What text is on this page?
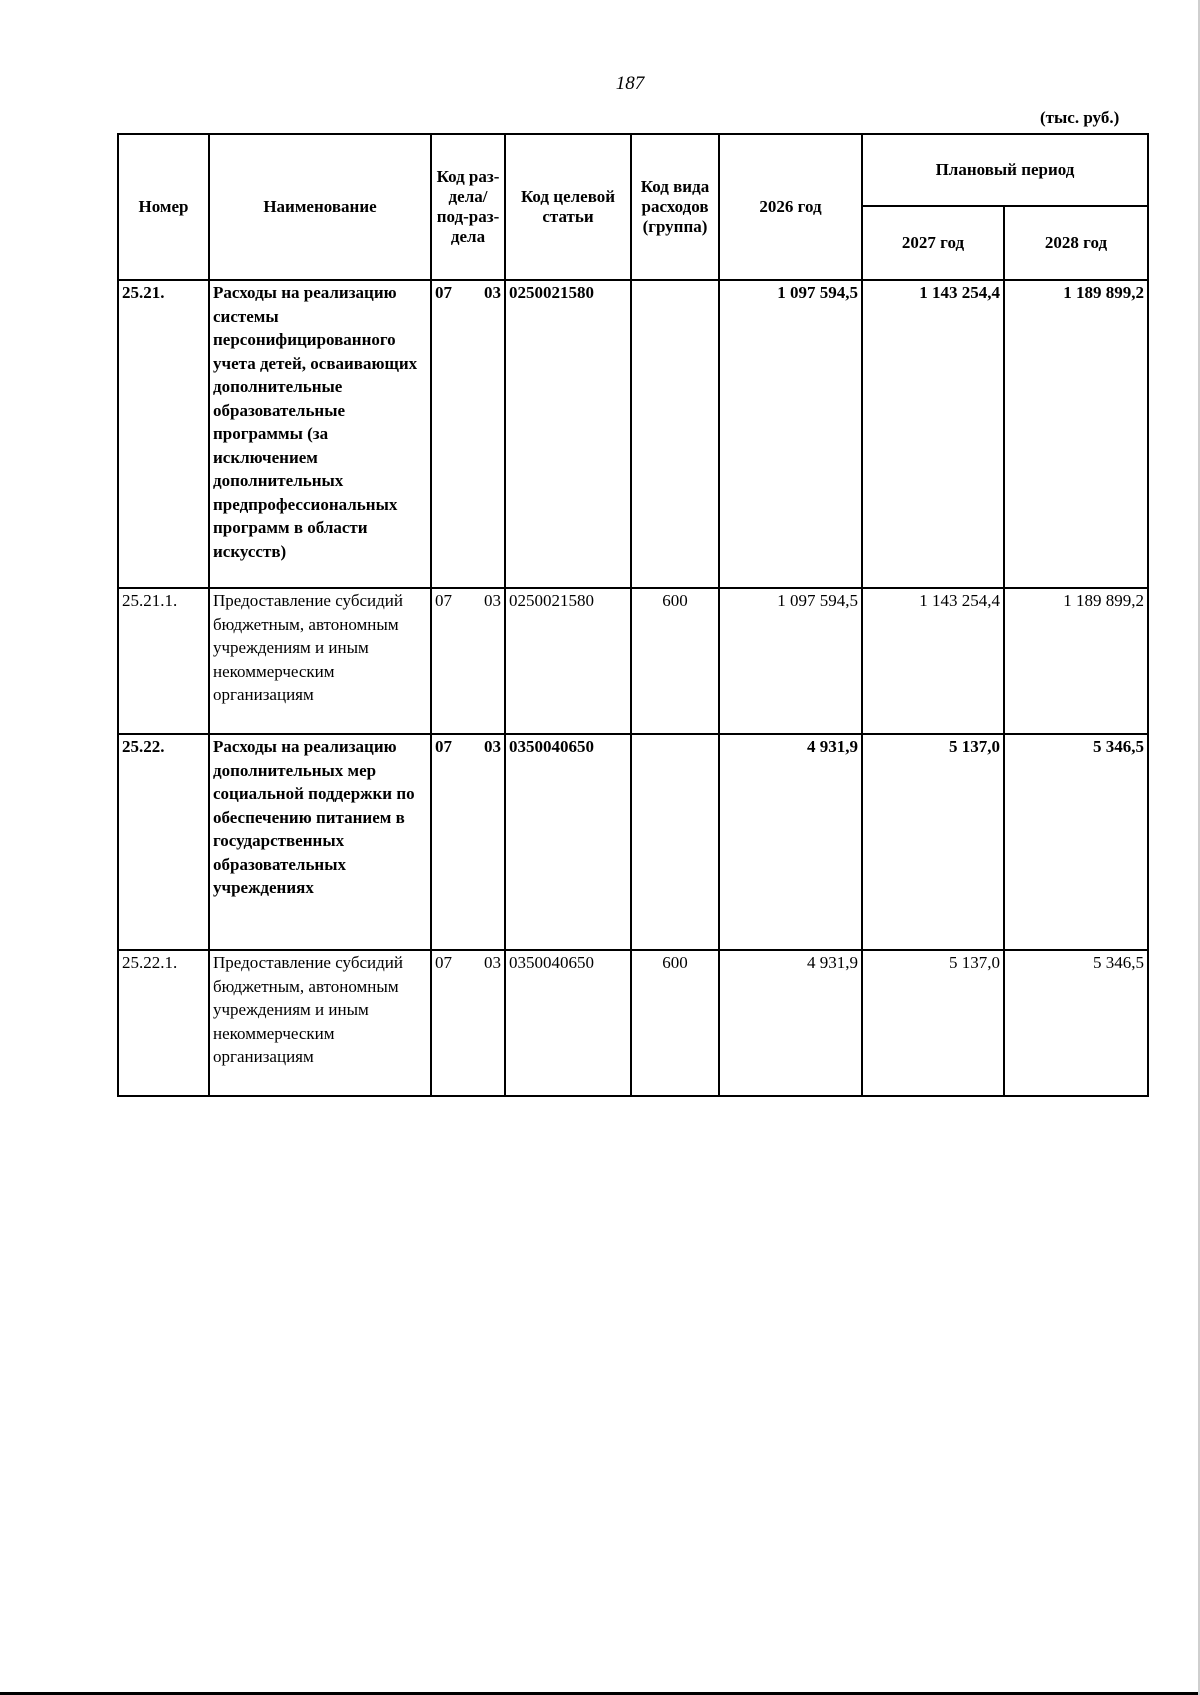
187
(тыс. руб.)
Номер	Наименование	Код раз-дела/ под-раз-дела	Код целевой статьи	Код вида расходов (группа)	2026 год	Плановый период	
						2027 год	2028 год
25.21.	Расходы на реализацию системы персонифицированного учета детей, осваивающих дополнительные образовательные программы (за исключением дополнительных предпрофессиональных программ в области искусств)	07 03	0250021580		1 097 594,5	1 143 254,4	1 189 899,2
25.21.1.	Предоставление субсидий бюджетным, автономным учреждениям и иным некоммерческим организациям	07 03	0250021580	600	1 097 594,5	1 143 254,4	1 189 899,2
25.22.	Расходы на реализацию дополнительных мер социальной поддержки по обеспечению питанием в государственных образовательных учреждениях	07 03	0350040650		4 931,9	5 137,0	5 346,5
25.22.1.	Предоставление субсидий бюджетным, автономным учреждениям и иным некоммерческим организациям	07 03	0350040650	600	4 931,9	5 137,0	5 346,5
